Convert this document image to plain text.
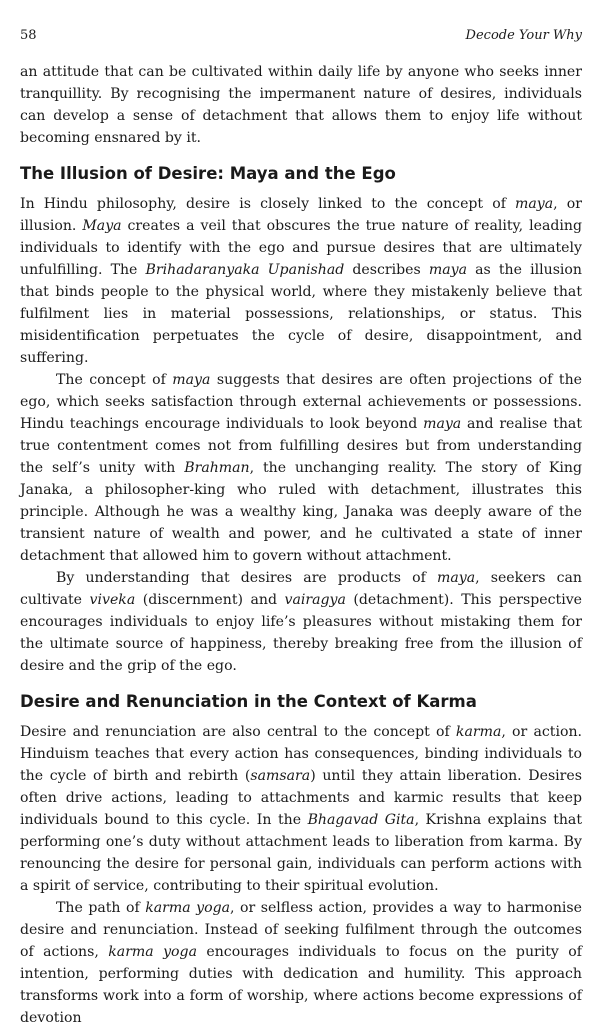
58	Decode Your Why

an attitude that can be cultivated within daily life by anyone who seeks inner tranquillity. By recognising the impermanent nature of desires, individuals can develop a sense of detachment that allows them to enjoy life without becoming ensnared by it.

The Illusion of Desire: Maya and the Ego

In Hindu philosophy, desire is closely linked to the concept of maya, or illusion. Maya creates a veil that obscures the true nature of reality, leading individuals to identify with the ego and pursue desires that are ultimately unfulfilling. The Brihadaranyaka Upanishad describes maya as the illusion that binds people to the physical world, where they mistakenly believe that fulfilment lies in material possessions, relationships, or status. This misidentification perpetuates the cycle of desire, disappointment, and suffering.

The concept of maya suggests that desires are often projections of the ego, which seeks satisfaction through external achievements or possessions. Hindu teachings encourage individuals to look beyond maya and realise that true contentment comes not from fulfilling desires but from understanding the self’s unity with Brahman, the unchanging reality. The story of King Janaka, a philosopher-king who ruled with detachment, illustrates this principle. Although he was a wealthy king, Janaka was deeply aware of the transient nature of wealth and power, and he cultivated a state of inner detachment that allowed him to govern without attachment.

By understanding that desires are products of maya, seekers can cultivate viveka (discernment) and vairagya (detachment). This perspective encourages individuals to enjoy life’s pleasures without mistaking them for the ultimate source of happiness, thereby breaking free from the illusion of desire and the grip of the ego.

Desire and Renunciation in the Context of Karma

Desire and renunciation are also central to the concept of karma, or action. Hinduism teaches that every action has consequences, binding individuals to the cycle of birth and rebirth (samsara) until they attain liberation. Desires often drive actions, leading to attachments and karmic results that keep individuals bound to this cycle. In the Bhagavad Gita, Krishna explains that performing one’s duty without attachment leads to liberation from karma. By renouncing the desire for personal gain, individuals can perform actions with a spirit of service, contributing to their spiritual evolution.

The path of karma yoga, or selfless action, provides a way to harmonise desire and renunciation. Instead of seeking fulfilment through the outcomes of actions, karma yoga encourages individuals to focus on the purity of intention, performing duties with dedication and humility. This approach transforms work into a form of worship, where actions become expressions of devotion
